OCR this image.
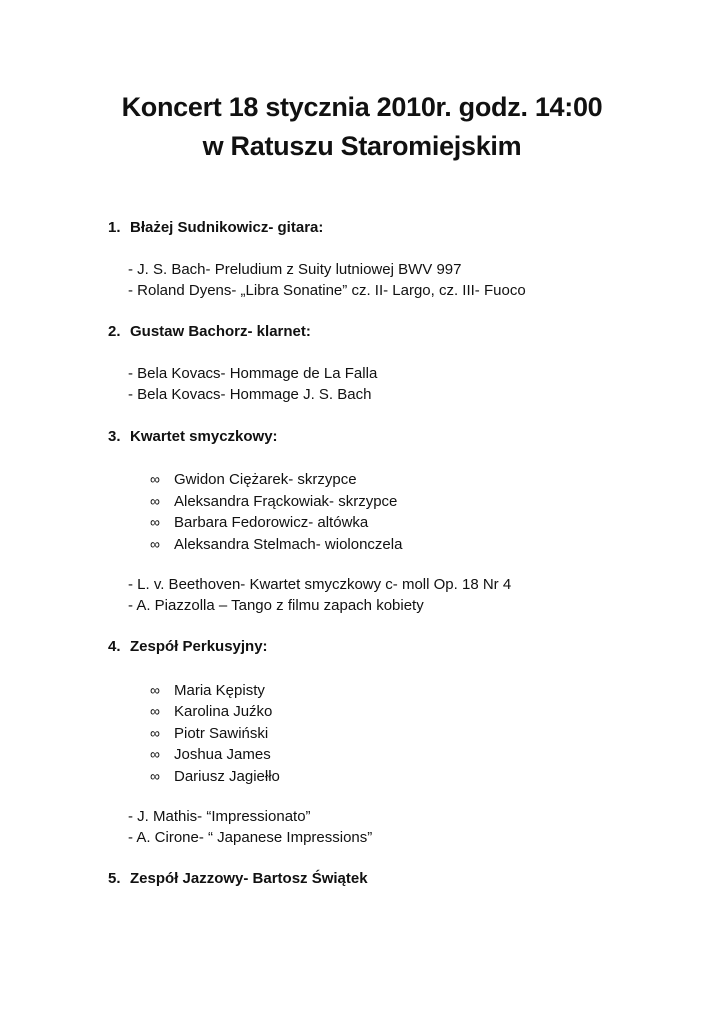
Koncert 18 stycznia 2010r. godz. 14:00
w Ratuszu Staromiejskim
1. Błażej Sudnikowicz- gitara:
- J. S. Bach- Preludium z Suity lutniowej BWV 997
- Roland Dyens- „Libra Sonatine” cz. II- Largo, cz. III- Fuoco
2. Gustaw Bachorz- klarnet:
- Bela Kovacs- Hommage de La Falla
- Bela Kovacs- Hommage J. S. Bach
3. Kwartet smyczkowy:
∞ Gwidon Ciężarek- skrzypce
∞ Aleksandra Frąckowiak- skrzypce
∞ Barbara Fedorowicz- altówka
∞ Aleksandra Stelmach- wiolonczela
- L. v. Beethoven- Kwartet smyczkowy c- moll Op. 18 Nr 4
- A. Piazzolla – Tango z filmu zapach kobiety
4. Zespół Perkusyjny:
∞ Maria Kępisty
∞ Karolina Juźko
∞ Piotr Sawiński
∞ Joshua James
∞ Dariusz Jagiełło
- J. Mathis- “Impressionato”
- A. Cirone- “ Japanese Impressions”
5. Zespół Jazzowy- Bartosz Świątek
